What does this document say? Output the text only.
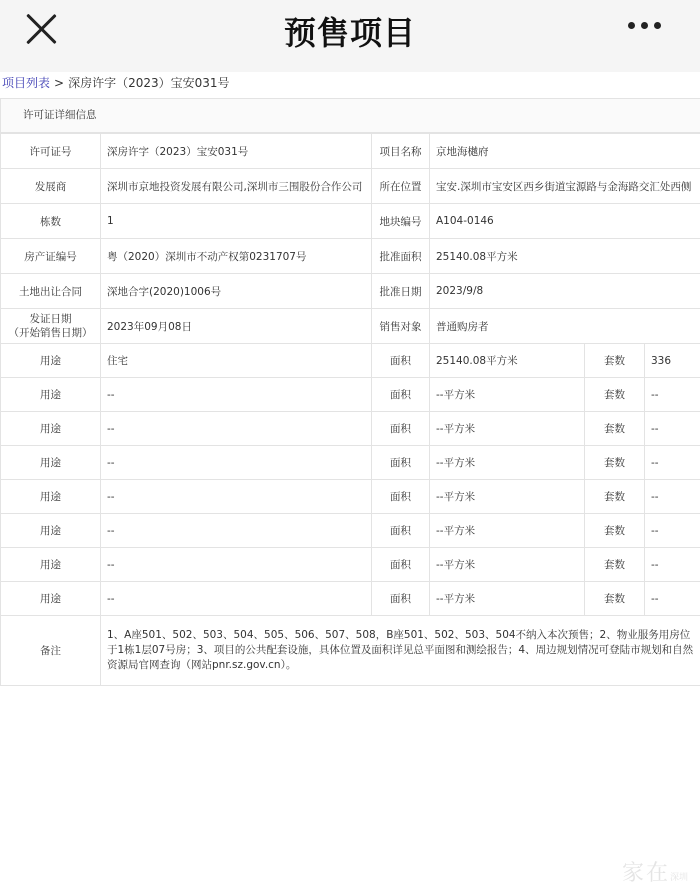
预售项目
项目列表 > 深房许字（2023）宝安031号
许可证详细信息
许可证号	深房许字（2023）宝安031号	项目名称	京地海樾府		
发展商	深圳市京地投资发展有限公司,深圳市三围股份合作公司	所在位置	宝安.深圳市宝安区西乡街道宝源路与金海路交汇处西侧		
栋数	1	地块编号	A104-0146		
房产证编号	粤（2020）深圳市不动产权第0231707号	批准面积	25140.08平方米		
土地出让合同	深地合字(2020)1006号	批准日期	2023/9/8		

发证日期
（开始销售日期）	2023年09月08日	销售对象	普通购房者		
用途	住宅	面积	25140.08平方米	套数	336
用途	--	面积	--平方米	套数	--
用途	--	面积	--平方米	套数	--
用途	--	面积	--平方米	套数	--
用途	--	面积	--平方米	套数	--
用途	--	面积	--平方米	套数	--
用途	--	面积	--平方米	套数	--
用途	--	面积	--平方米	套数	--
备注	1、A座501、502、503、504、505、506、507、508，B座501、502、503、504不纳入本次预售；2、物业服务用房位于1栋1层07号房；3、项目的公共配套设施，具体位置及面积详见总平面图和测绘报告；4、周边规划情况可登陆市规划和自然资源局官网查询（网站pnr.sz.gov.cn）。				
家在深圳
